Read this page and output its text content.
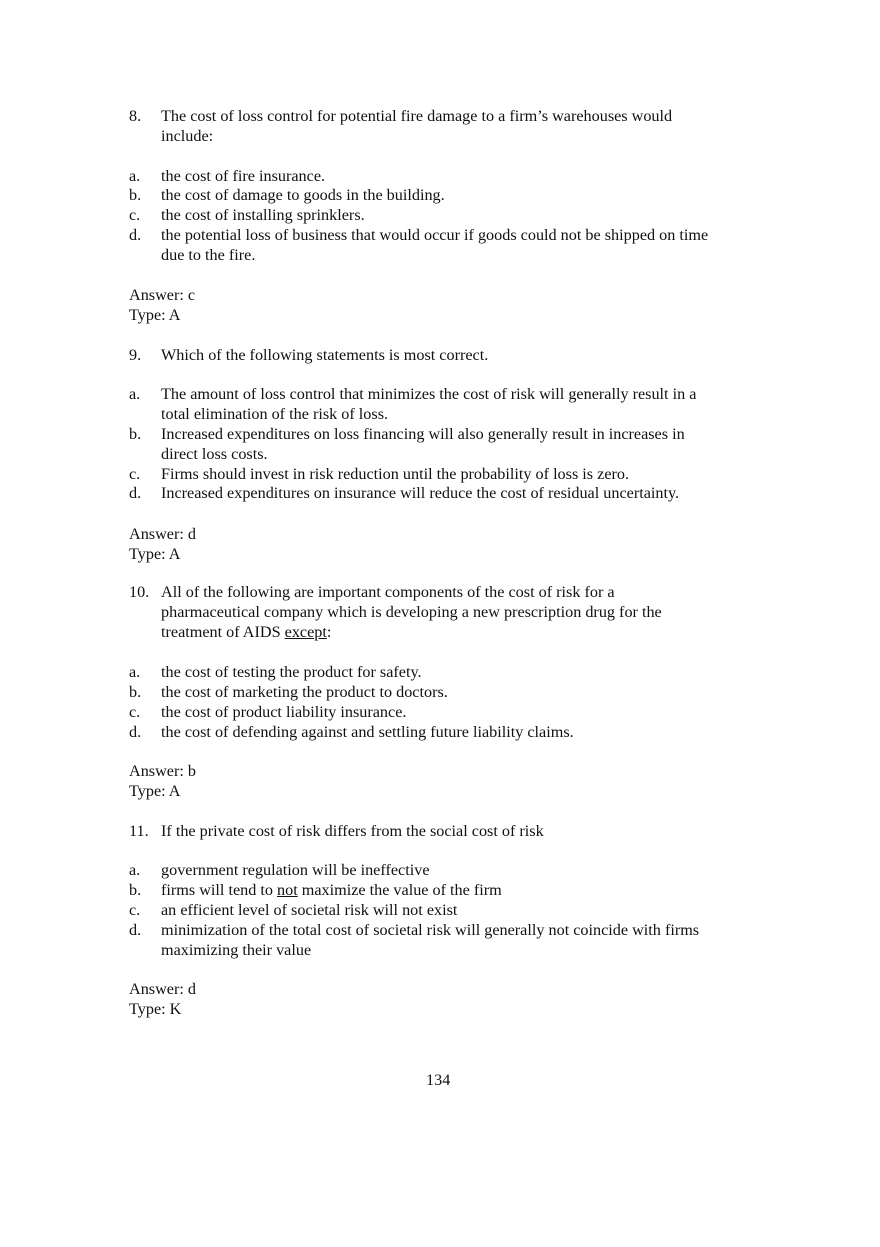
8. The cost of loss control for potential fire damage to a firm’s warehouses would
include:
a. the cost of fire insurance.
b. the cost of damage to goods in the building.
c. the cost of installing sprinklers.
d. the potential loss of business that would occur if goods could not be shipped on time
due to the fire.
Answer: c
Type: A
9. Which of the following statements is most correct.
a. The amount of loss control that minimizes the cost of risk will generally result in a
total elimination of the risk of loss.
b. Increased expenditures on loss financing will also generally result in increases in
direct loss costs.
c. Firms should invest in risk reduction until the probability of loss is zero.
d. Increased expenditures on insurance will reduce the cost of residual uncertainty.
Answer: d
Type: A
10. All of the following are important components of the cost of risk for a
pharmaceutical company which is developing a new prescription drug for the
treatment of AIDS except:
a. the cost of testing the product for safety.
b. the cost of marketing the product to doctors.
c. the cost of product liability insurance.
d. the cost of defending against and settling future liability claims.
Answer: b
Type: A
11. If the private cost of risk differs from the social cost of risk
a. government regulation will be ineffective
b. firms will tend to not maximize the value of the firm
c. an efficient level of societal risk will not exist
d. minimization of the total cost of societal risk will generally not coincide with firms
maximizing their value
Answer: d
Type: K
134
